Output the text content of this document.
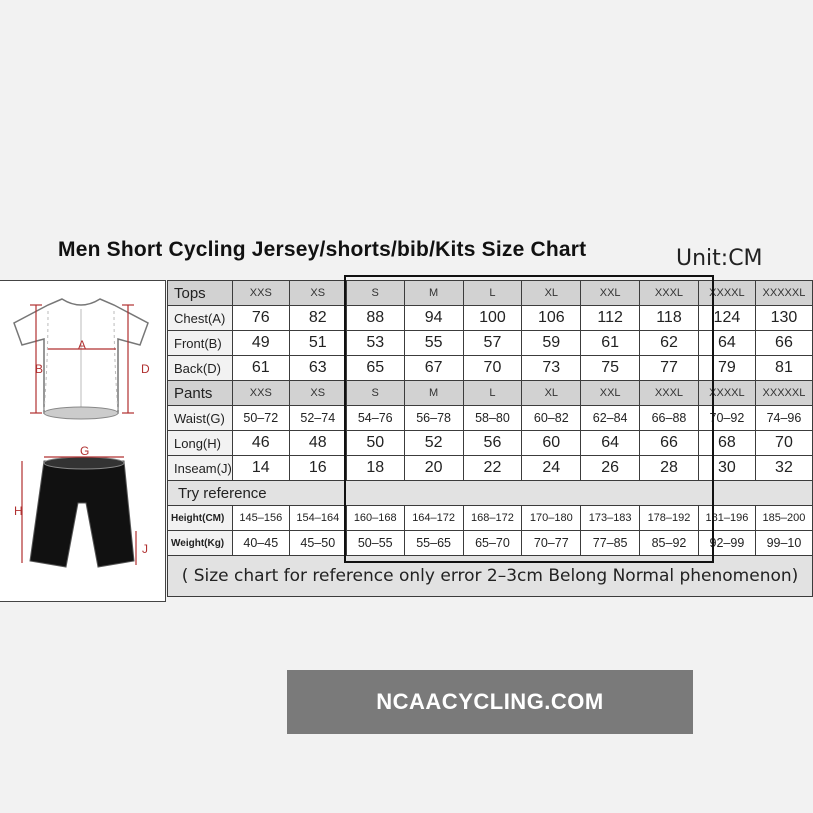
Men Short Cycling Jersey/shorts/bib/Kits Size Chart	Unit:CM
A
B	D
G
H
J
Tops	XXS	XS	S	M	L	XL	XXL	XXXL	XXXXL	XXXXXL
Chest(A)	76	82	88	94	100	106	112	118	124	130
Front(B)	49	51	53	55	57	59	61	62	64	66
Back(D)	61	63	65	67	70	73	75	77	79	81
Pants	XXS	XS	S	M	L	XL	XXL	XXXL	XXXXL	XXXXXL
Waist(G)	50–72	52–74	54–76	56–78	58–80	60–82	62–84	66–88	70–92	74–96
Long(H)	46	48	50	52	56	60	64	66	68	70
Inseam(J)	14	16	18	20	22	24	26	28	30	32
Try reference										
Height(CM)	145–156	154–164	160–168	164–172	168–172	170–180	173–183	178–192	181–196	185–200
Weight(Kg)	40–45	45–50	50–55	55–65	65–70	70–77	77–85	85–92	92–99	99–10
( Size chart for reference only error 2–3cm Belong Normal phenomenon)										
NCAACYCLING.COM
